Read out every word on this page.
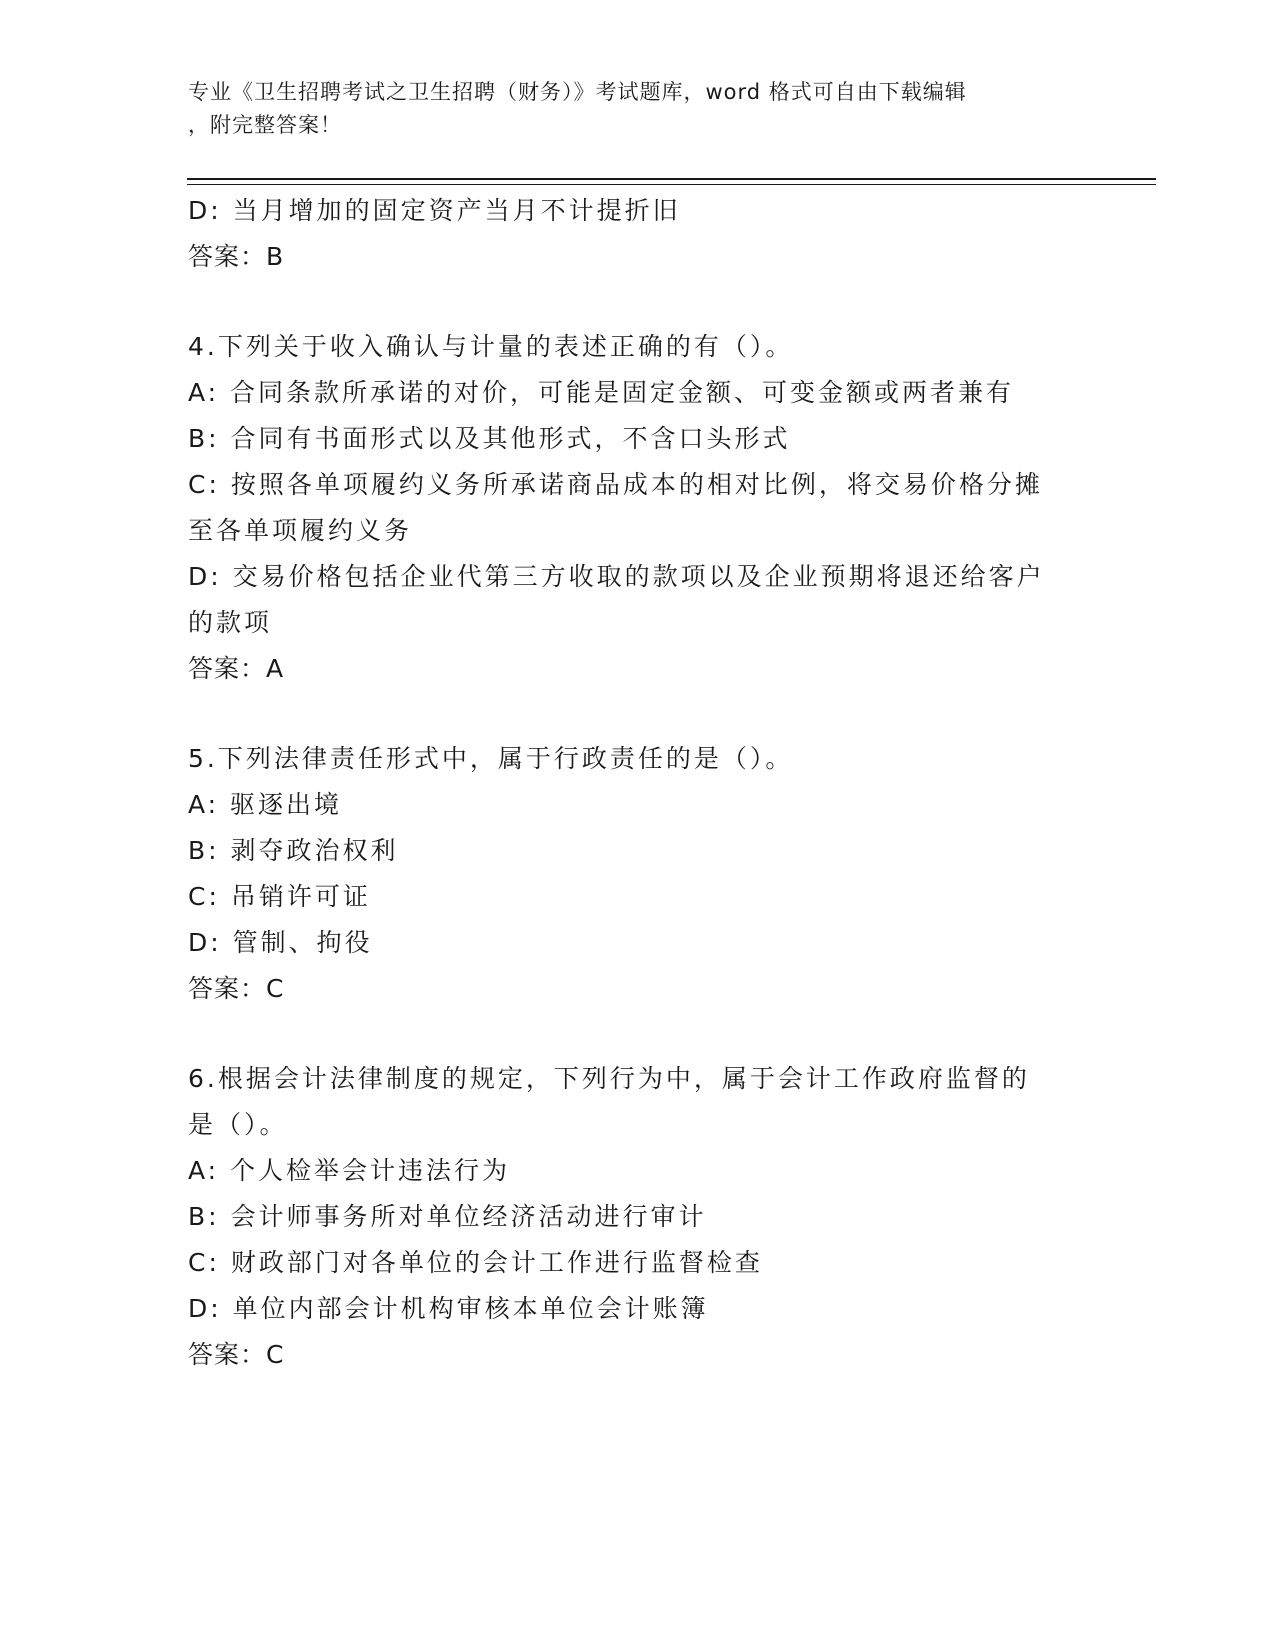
专业《卫生招聘考试之卫生招聘（财务）》考试题库，word 格式可自由下载编辑
，附完整答案！

D: 当月增加的固定资产当月不计提折旧

答案：B

4.下列关于收入确认与计量的表述正确的有（）。

A: 合同条款所承诺的对价，可能是固定金额、可变金额或两者兼有

B: 合同有书面形式以及其他形式，不含口头形式

C: 按照各单项履约义务所承诺商品成本的相对比例，将交易价格分摊

至各单项履约义务

D: 交易价格包括企业代第三方收取的款项以及企业预期将退还给客户

的款项

答案：A

5.下列法律责任形式中，属于行政责任的是（）。

A: 驱逐出境

B: 剥夺政治权利

C: 吊销许可证

D: 管制、拘役

答案：C

6.根据会计法律制度的规定，下列行为中，属于会计工作政府监督的

是（）。

A: 个人检举会计违法行为

B: 会计师事务所对单位经济活动进行审计

C: 财政部门对各单位的会计工作进行监督检查

D: 单位内部会计机构审核本单位会计账簿

答案：C
